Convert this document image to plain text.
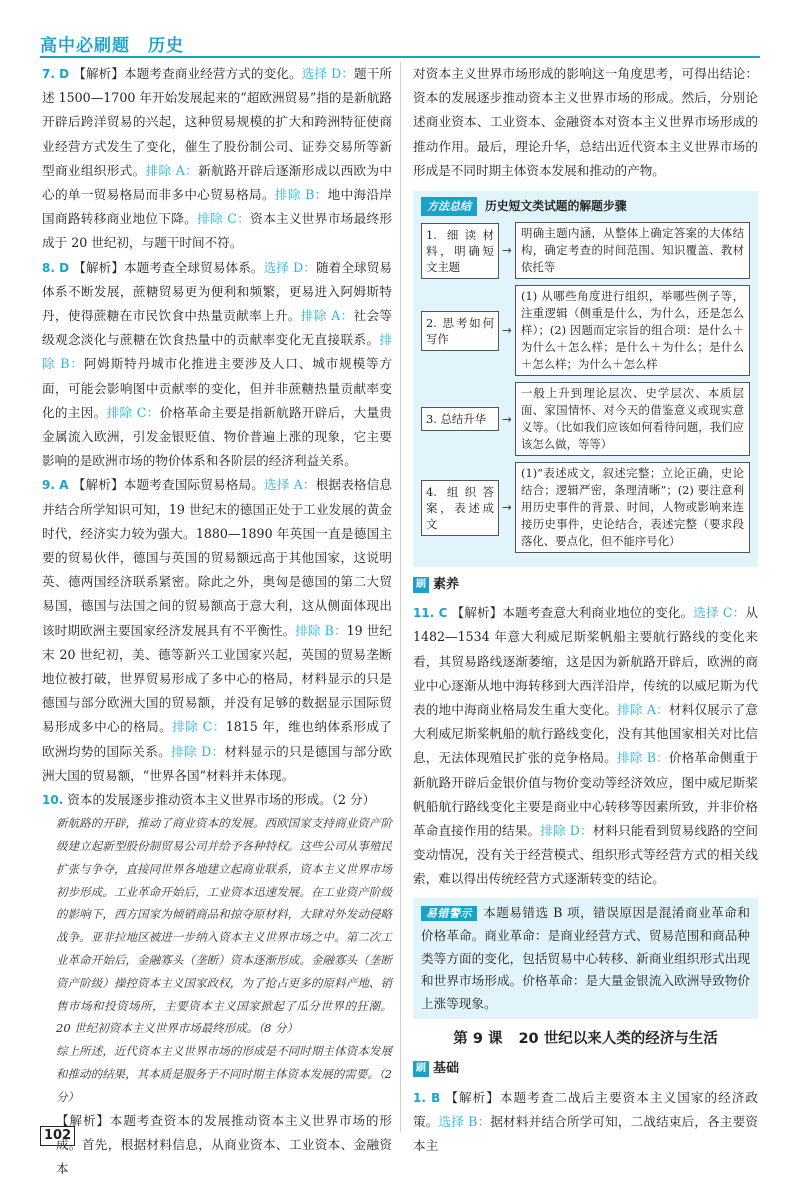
高中必刷题 历史

7. D 【解析】本题考查商业经营方式的变化。选择 D：题干所述 1500—1700 年开始发展起来的“超欧洲贸易”指的是新航路开辟后跨洋贸易的兴起，这种贸易规模的扩大和跨洲特征使商业经营方式发生了变化，催生了股份制公司、证券交易所等新型商业组织形式。排除 A：新航路开辟后逐渐形成以西欧为中心的单一贸易格局而非多中心贸易格局。排除 B：地中海沿岸国商路转移商业地位下降。排除 C：资本主义世界市场最终形成于 20 世纪初，与题干时间不符。

8. D 【解析】本题考查全球贸易体系。选择 D：随着全球贸易体系不断发展，蔗糖贸易更为便利和频繁，更易进入阿姆斯特丹，使得蔗糖在市民饮食中热量贡献率上升。排除 A：社会等级观念淡化与蔗糖在饮食热量中的贡献率变化无直接联系。排除 B：阿姆斯特丹城市化推进主要涉及人口、城市规模等方面，可能会影响图中贡献率的变化，但并非蔗糖热量贡献率变化的主因。排除 C：价格革命主要是指新航路开辟后，大量贵金属流入欧洲，引发金银贬值、物价普遍上涨的现象，它主要影响的是欧洲市场的物价体系和各阶层的经济利益关系。

9. A 【解析】本题考查国际贸易格局。选择 A：根据表格信息并结合所学知识可知，19 世纪末的德国正处于工业发展的黄金时代，经济实力较为强大。1880—1890 年英国一直是德国主要的贸易伙伴，德国与英国的贸易额远高于其他国家，这说明英、德两国经济联系紧密。除此之外，奥匈是德国的第二大贸易国，德国与法国之间的贸易额高于意大利，这从侧面体现出该时期欧洲主要国家经济发展具有不平衡性。排除 B：19 世纪末 20 世纪初，美、德等新兴工业国家兴起，英国的贸易垄断地位被打破，世界贸易形成了多中心的格局，材料显示的只是德国与部分欧洲大国的贸易额，并没有足够的数据显示国际贸易形成多中心的格局。排除 C：1815 年，维也纳体系形成了欧洲均势的国际关系。排除 D：材料显示的只是德国与部分欧洲大国的贸易额，“世界各国”材料并未体现。

10. 资本的发展逐步推动资本主义世界市场的形成。（2 分）

新航路的开辟，推动了商业资本的发展。西欧国家支持商业资产阶级建立起新型股份制贸易公司并给予各种特权。这些公司从事殖民扩张与争夺，直接同世界各地建立起商业联系，资本主义世界市场初步形成。工业革命开始后，工业资本迅速发展。在工业资产阶级的影响下，西方国家为倾销商品和掠夺原材料，大肆对外发动侵略战争。亚非拉地区被进一步纳入资本主义世界市场之中。第二次工业革命开始后，金融寡头（垄断）资本逐渐形成。金融寡头（垄断资产阶级）操控资本主义国家政权，为了抢占更多的原料产地、销售市场和投资场所，主要资本主义国家掀起了瓜分世界的狂潮。20 世纪初资本主义世界市场最终形成。（8 分）
综上所述，近代资本主义世界市场的形成是不同时期主体资本发展和推动的结果，其本质是服务于不同时期主体资本发展的需要。（2 分）

【解析】本题考查资本的发展推动资本主义世界市场的形成。首先，根据材料信息，从商业资本、工业资本、金融资本

对资本主义世界市场形成的影响这一角度思考，可得出结论：资本的发展逐步推动资本主义世界市场的形成。然后，分别论述商业资本、工业资本、金融资本对资本主义世界市场形成的推动作用。最后，理论升华，总结出近代资本主义世界市场的形成是不同时期主体资本发展和推动的产物。

方法总结	历史短文类试题的解题步骤
1. 细读材料，明确短文主题
→
明确主题内涵，从整体上确定答案的大体结构，确定考查的时间范围、知识覆盖、教材依托等
2. 思考如何写作
→
(1) 从哪些角度进行组织，举哪些例子等，注重逻辑（侧重是什么，为什么，还是怎么样）；(2) 因题而定宗旨的组合项：是什么＋为什么＋怎么样；是什么＋为什么；是什么＋怎么样；为什么＋怎么样
3. 总结升华	→
一般上升到理论层次、史学层次、本质层面、家国情怀、对今天的借鉴意义或现实意义等。（比如我们应该如何看待问题，我们应该怎么做，等等）
4. 组织答案，表述成文
→
(1)“表述成文，叙述完整；立论正确，史论结合；逻辑严密，条理清晰”；(2) 要注意利用历史事件的背景、时间，人物或影响来连接历史事件，史论结合，表述完整（要求段落化、要点化，但不能序号化）
刷 素养

11. C 【解析】本题考查意大利商业地位的变化。选择 C：从 1482—1534 年意大利威尼斯桨帆船主要航行路线的变化来看，其贸易路线逐渐萎缩，这是因为新航路开辟后，欧洲的商业中心逐渐从地中海转移到大西洋沿岸，传统的以威尼斯为代表的地中海商业格局发生重大变化。排除 A：材料仅展示了意大利威尼斯桨帆船的航行路线变化，没有其他国家相关对比信息，无法体现殖民扩张的竞争格局。排除 B：价格革命侧重于新航路开辟后金银价值与物价变动等经济效应，图中威尼斯桨帆船航行路线变化主要是商业中心转移等因素所致，并非价格革命直接作用的结果。排除 D：材料只能看到贸易线路的空间变动情况，没有关于经营模式、组织形式等经营方式的相关线索，难以得出传统经营方式逐渐转变的结论。

易错警示 本题易错选 B 项，错误原因是混淆商业革命和价格革命。商业革命：是商业经营方式、贸易范围和商品种类等方面的变化，包括贸易中心转移、新商业组织形式出现和世界市场形成。价格革命：是大量金银流入欧洲导致物价上涨等现象。
第 9 课 20 世纪以来人类的经济与生活
刷 基础

1. B 【解析】本题考查二战后主要资本主义国家的经济政策。选择 B：据材料并结合所学可知，二战结束后，各主要资本主

102
